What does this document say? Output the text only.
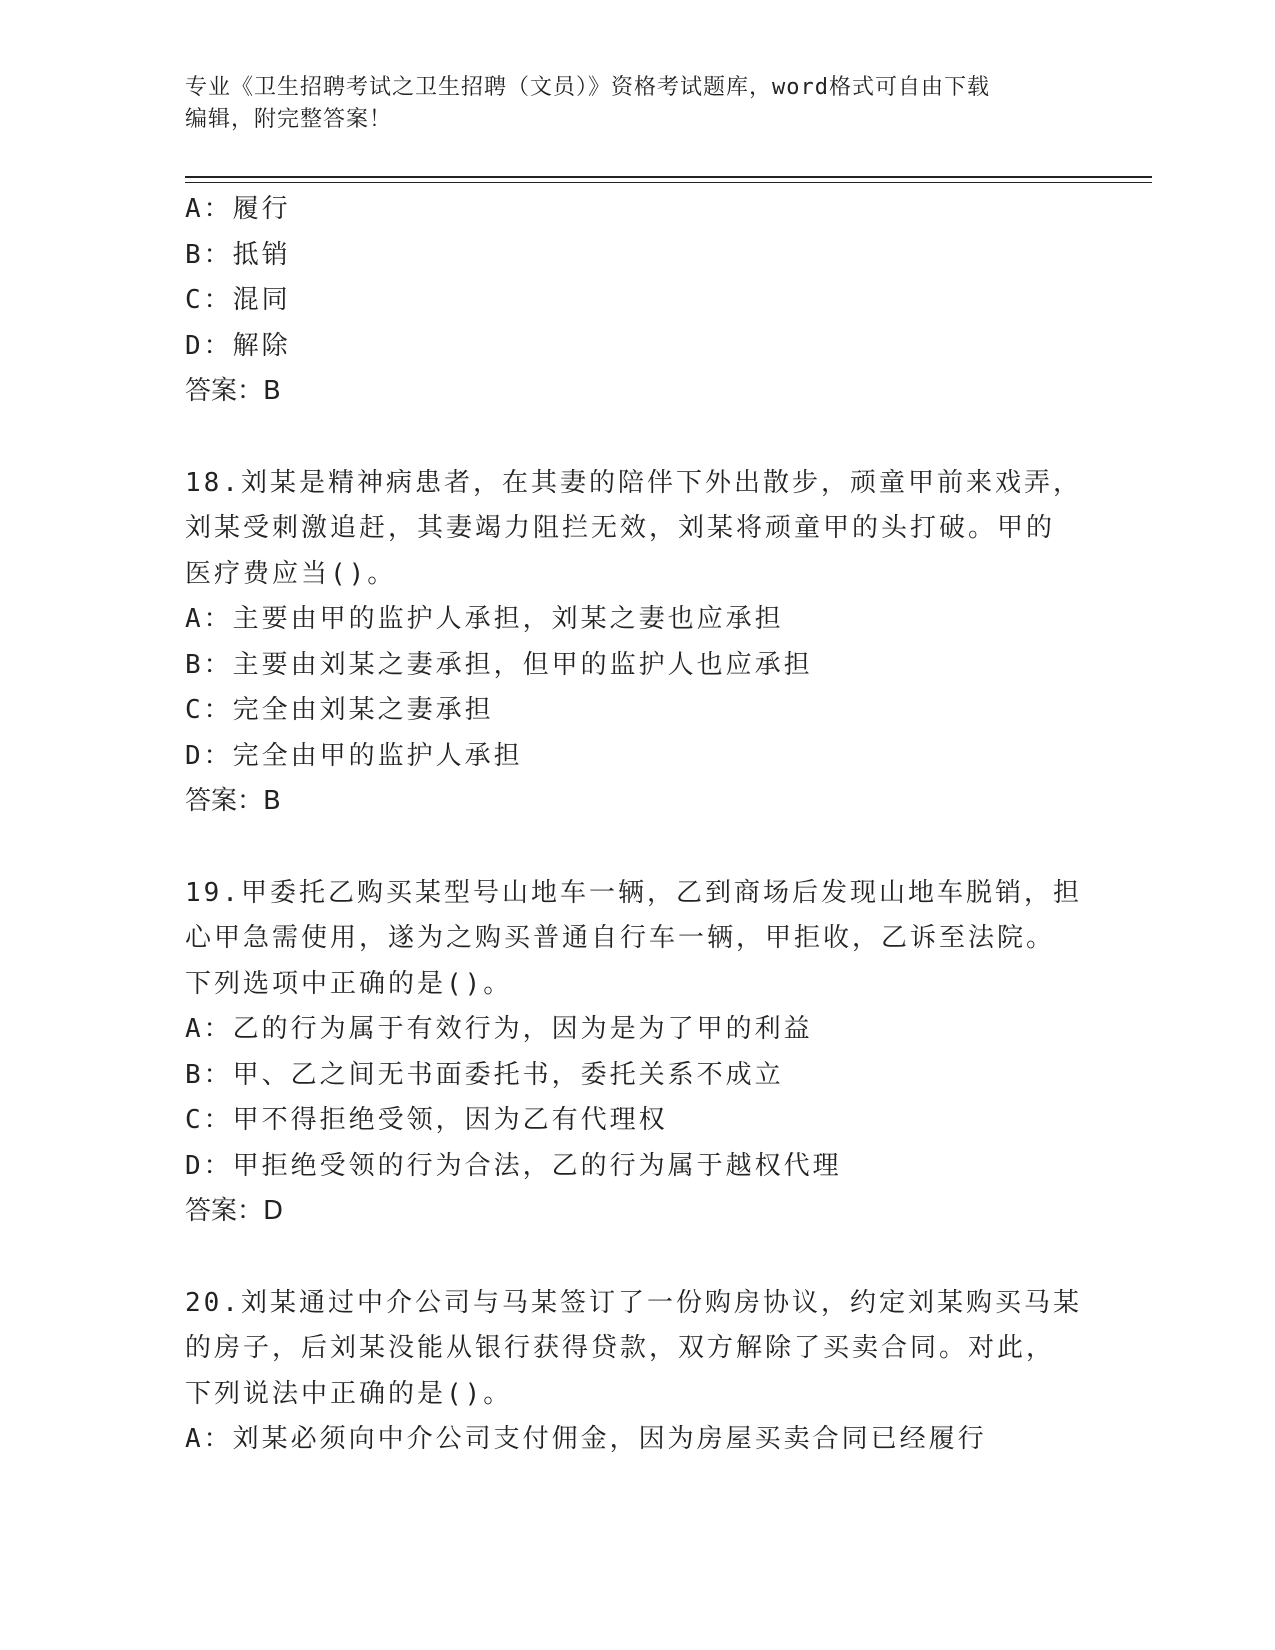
专业《卫生招聘考试之卫生招聘（文员）》资格考试题库，word格式可自由下载
编辑，附完整答案！
A：履行
B：抵销
C：混同
D：解除
答案：B
18.刘某是精神病患者，在其妻的陪伴下外出散步，顽童甲前来戏弄，
刘某受刺激追赶，其妻竭力阻拦无效，刘某将顽童甲的头打破。甲的
医疗费应当()。
A：主要由甲的监护人承担，刘某之妻也应承担
B：主要由刘某之妻承担，但甲的监护人也应承担
C：完全由刘某之妻承担
D：完全由甲的监护人承担
答案：B
19.甲委托乙购买某型号山地车一辆，乙到商场后发现山地车脱销，担
心甲急需使用，遂为之购买普通自行车一辆，甲拒收，乙诉至法院。
下列选项中正确的是()。
A：乙的行为属于有效行为，因为是为了甲的利益
B：甲、乙之间无书面委托书，委托关系不成立
C：甲不得拒绝受领，因为乙有代理权
D：甲拒绝受领的行为合法，乙的行为属于越权代理
答案：D
20.刘某通过中介公司与马某签订了一份购房协议，约定刘某购买马某
的房子，后刘某没能从银行获得贷款，双方解除了买卖合同。对此，
下列说法中正确的是()。
A：刘某必须向中介公司支付佣金，因为房屋买卖合同已经履行
